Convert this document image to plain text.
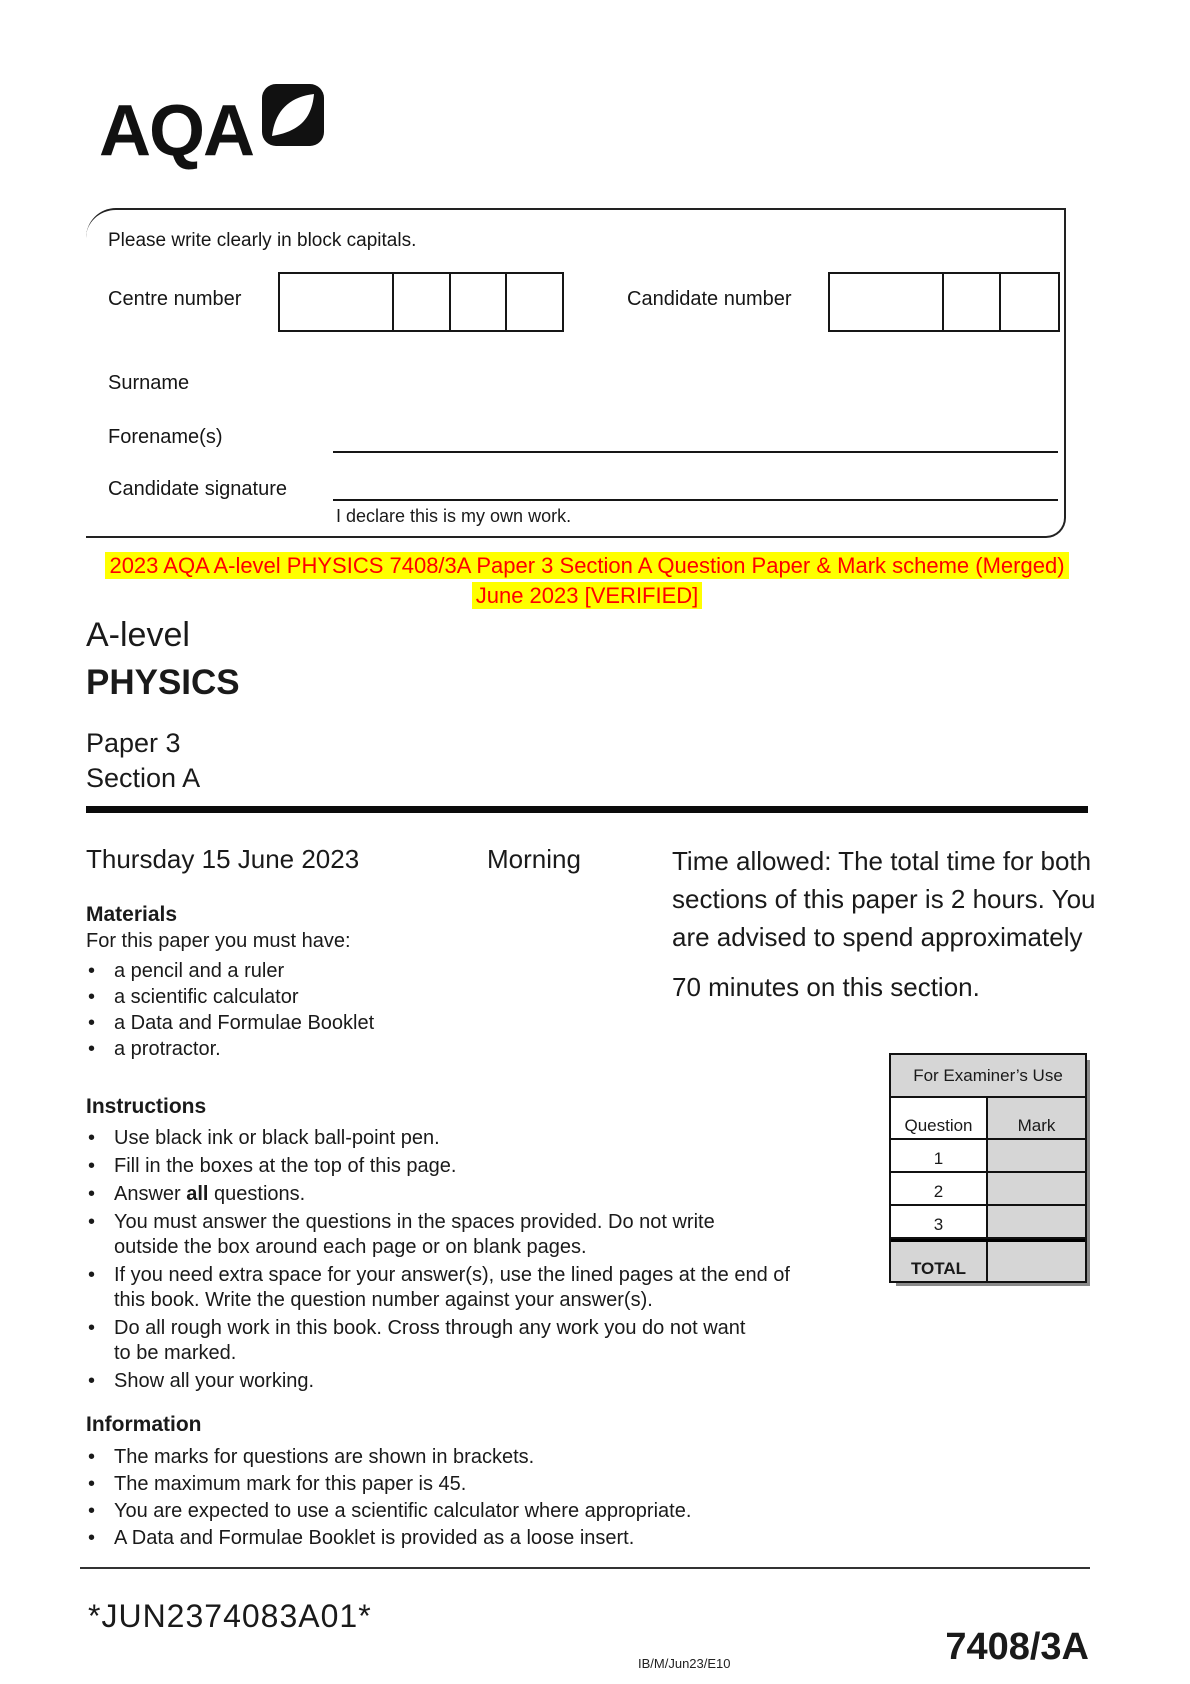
AQA
Please write clearly in block capitals.
Centre number	Candidate number
Surname
Forename(s)
Candidate signature
I declare this is my own work.
2023 AQA A-level PHYSICS 7408/3A Paper 3 Section A Question Paper & Mark scheme (Merged)
June 2023 [VERIFIED]
A-level
PHYSICS
Paper 3
Section A
Thursday 15 June 2023	Morning	Time allowed: The total time for both sections of this paper is 2 hours. You are advised to spend approximately
70 minutes on this section.
Materials
For this paper you must have:
• a pencil and a ruler
• a scientific calculator
• a Data and Formulae Booklet
• a protractor.
For Examiner’s Use
Question	Mark
1
2
3
TOTAL
Instructions
• Use black ink or black ball-point pen.
• Fill in the boxes at the top of this page.
• Answer all questions.
• You must answer the questions in the spaces provided. Do not write
outside the box around each page or on blank pages.
• If you need extra space for your answer(s), use the lined pages at the end of
this book. Write the question number against your answer(s).
• Do all rough work in this book. Cross through any work you do not want
to be marked.
• Show all your working.
Information
• The marks for questions are shown in brackets.
• The maximum mark for this paper is 45.
• You are expected to use a scientific calculator where appropriate.
• A Data and Formulae Booklet is provided as a loose insert.
*JUN2374083A01*
IB/M/Jun23/E10	7408/3A
